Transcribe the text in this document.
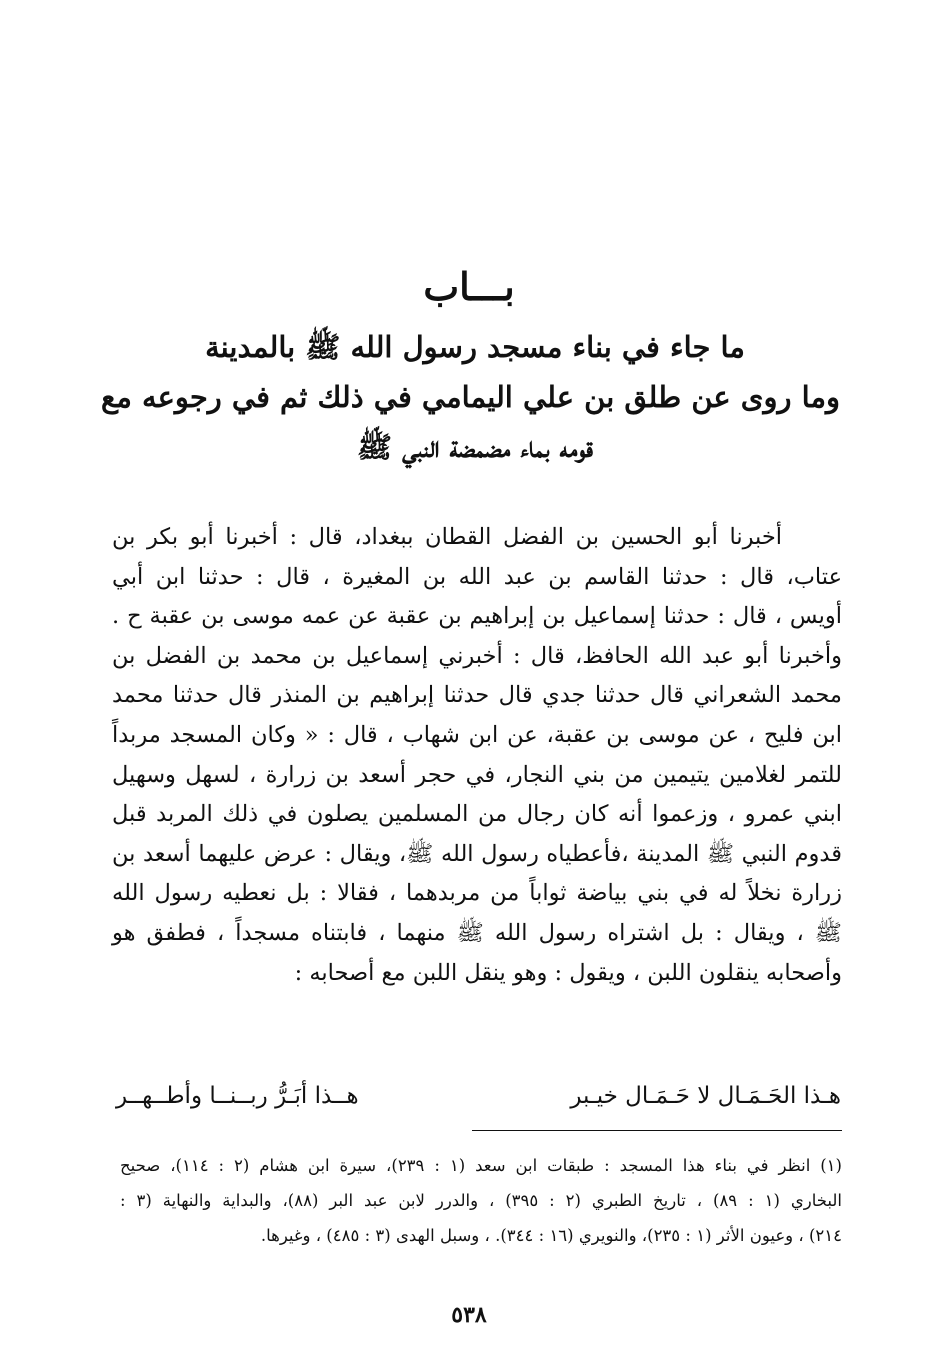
بـــاب
ما جاء في بناء مسجد رسول الله ﷺ بالمدينة
وما روى عن طلق بن علي اليمامي في ذلك ثم في رجوعه مع
قومه بماء مضمضة النبي ﷺ
أخبرنا أبو الحسين بن الفضل القطان ببغداد، قال : أخبرنا أبو بكر بن
عتاب، قال : حدثنا القاسم بن عبد الله بن المغيرة ، قال : حدثنا ابن أبي
أويس ، قال : حدثنا إسماعيل بن إبراهيم بن عقبة عن عمه موسى بن عقبة ح .
وأخبرنا أبو عبد الله الحافظ، قال : أخبرني إسماعيل بن محمد بن الفضل بن
محمد الشعراني قال حدثنا جدي قال حدثنا إبراهيم بن المنذر قال حدثنا محمد
ابن فليح ، عن موسى بن عقبة، عن ابن شهاب ، قال : « وكان المسجد مربداً
للتمر لغلامين يتيمين من بني النجار، في حجر أسعد بن زرارة ، لسهل وسهيل
ابني عمرو ، وزعموا أنه كان رجال من المسلمين يصلون في ذلك المربد قبل
قدوم النبي ﷺ المدينة ،فأعطياه رسول الله ﷺ، ويقال : عرض عليهما أسعد بن
زرارة نخلاً له في بني بياضة ثواباً من مربدهما ، فقالا : بل نعطيه رسول الله
ﷺ ، ويقال : بل اشتراه رسول الله ﷺ منهما ، فابتناه مسجداً ، فطفق هو
وأصحابه ينقلون اللبن ، ويقول : وهو ينقل اللبن مع أصحابه :
هـذا الحَـمَـال لا حَـمَـال خيـبر
هــذا أبَـرُّ ربــنــا وأطــهــر
(١) انظر في بناء هذا المسجد : طبقات ابن سعد (١ : ٢٣٩)، سيرة ابن هشام (٢ : ١١٤)، صحيح
البخاري (١ : ٨٩) ، تاريخ الطبري (٢ : ٣٩٥) ، والدرر لابن عبد البر (٨٨)، والبداية والنهاية (٣ :
٢١٤) ، وعيون الأثر (١ : ٢٣٥)، والنويري (١٦ : ٣٤٤). ، وسبل الهدى (٣ : ٤٨٥) ، وغيرها.
٥٣٨
